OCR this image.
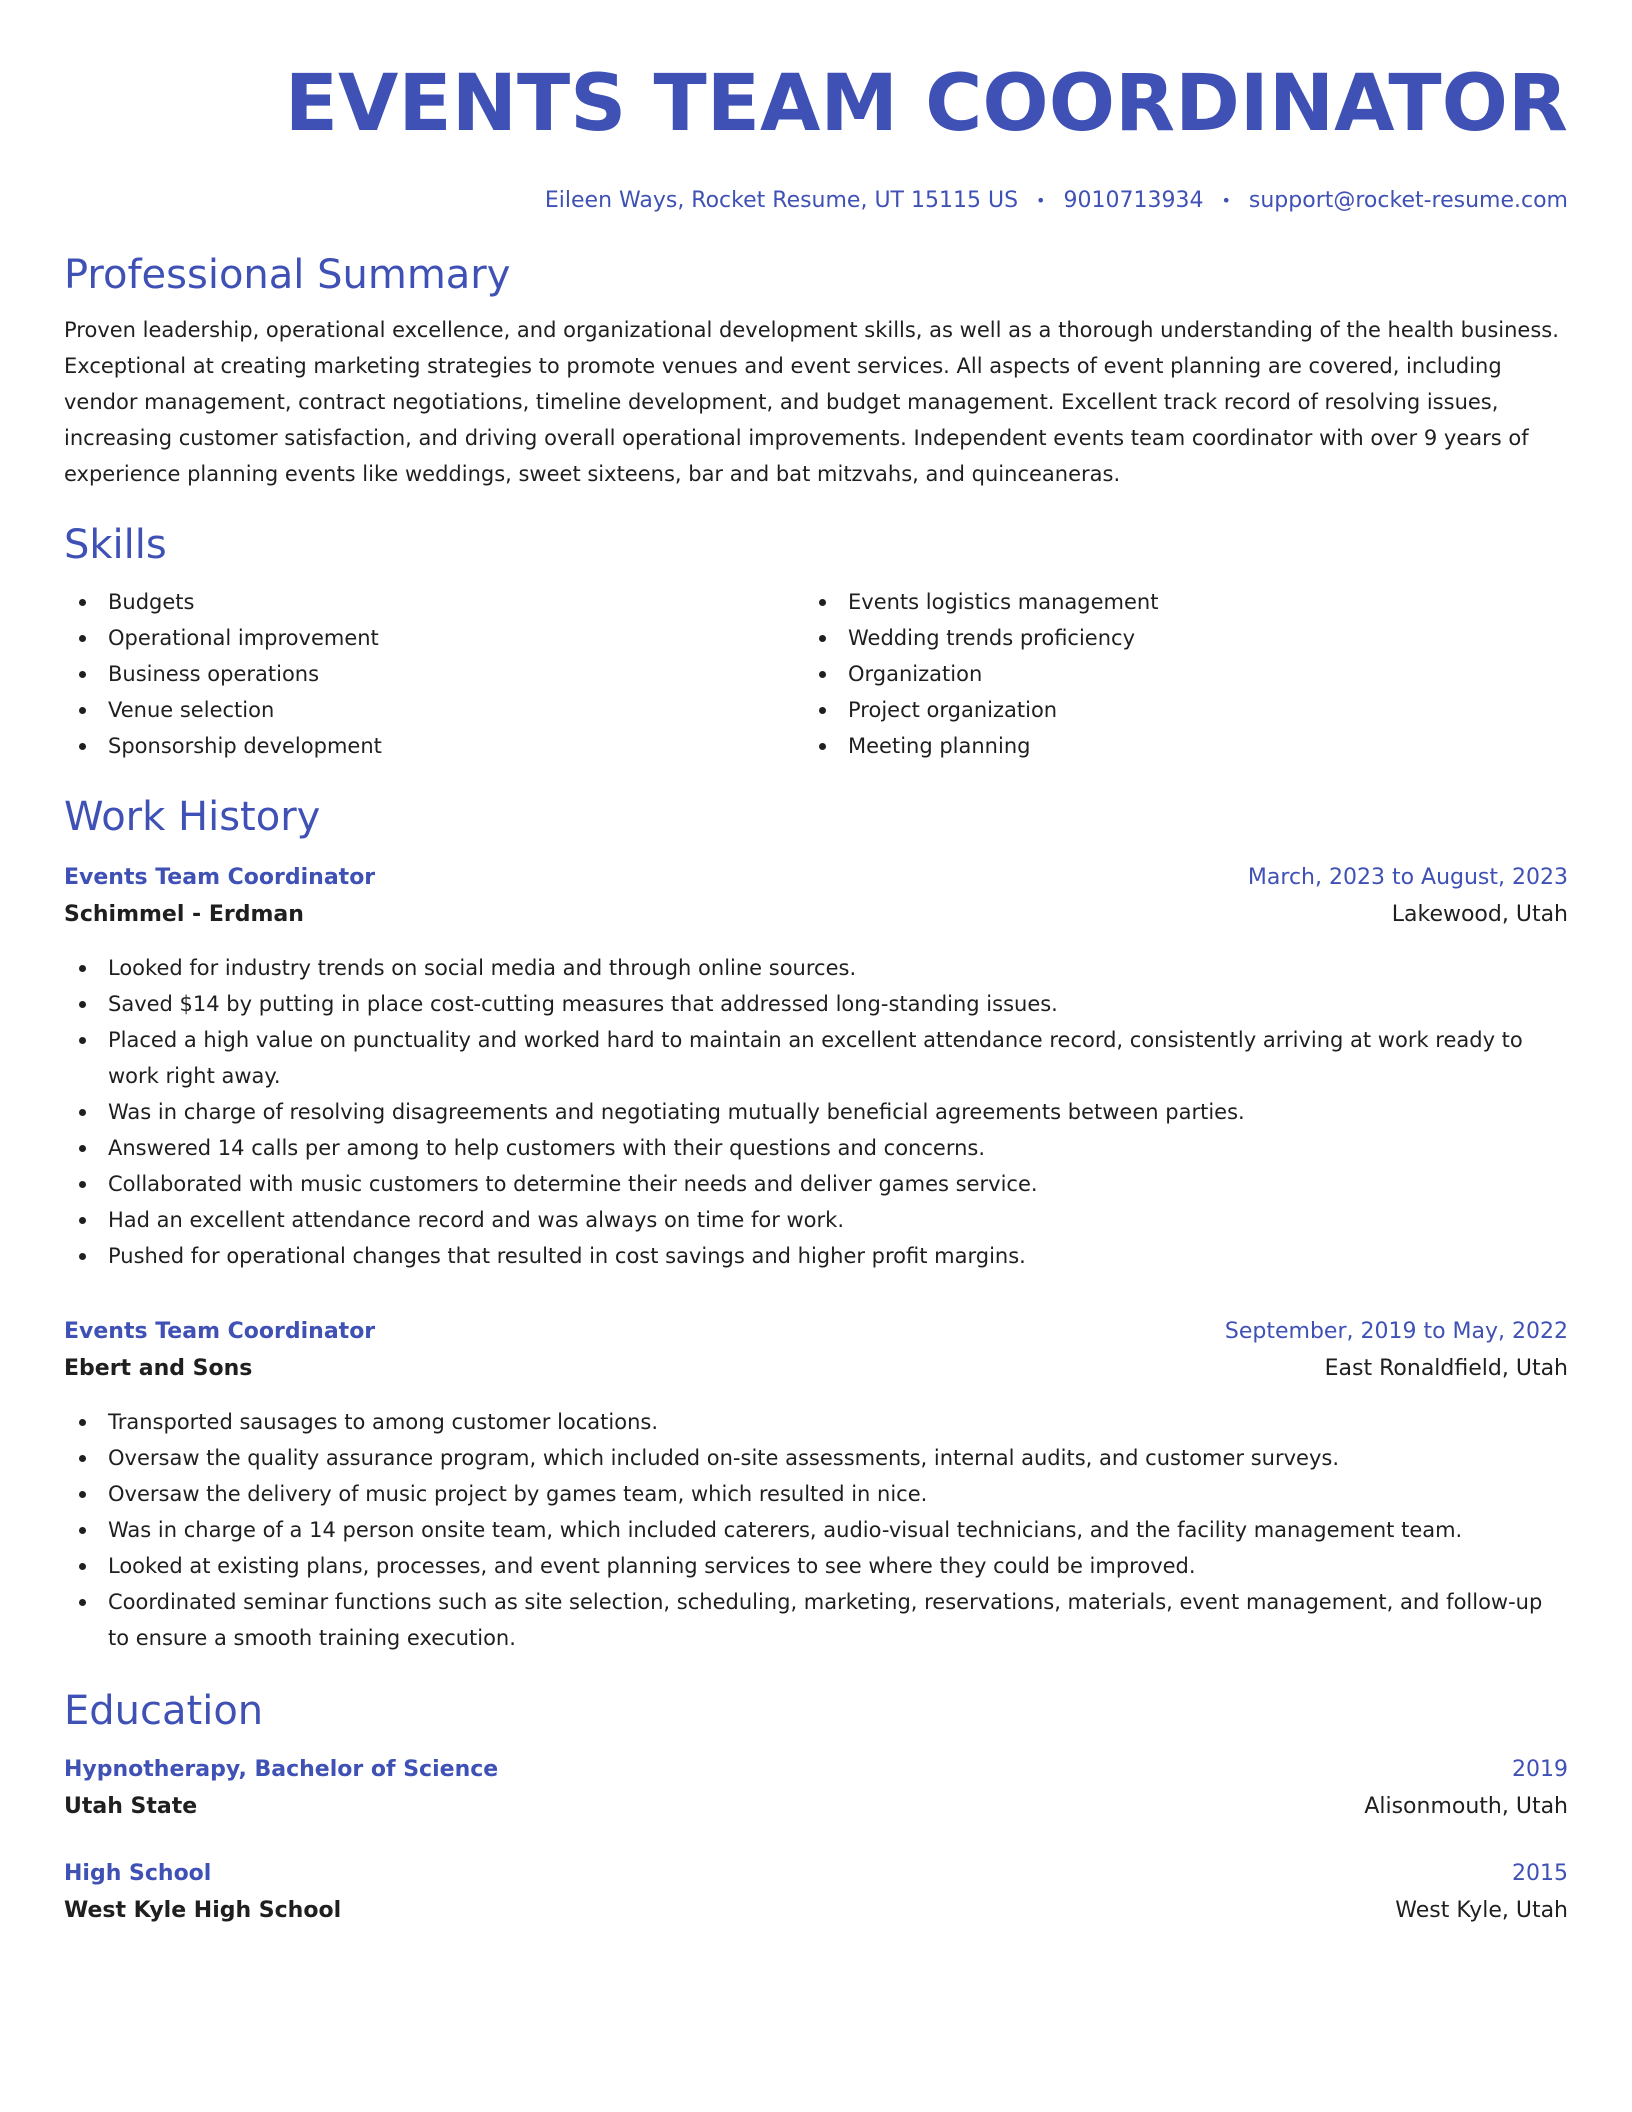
EVENTS TEAM COORDINATOR
Eileen Ways, Rocket Resume, UT 15115 US • 9010713934 • support@rocket-resume.com
Professional Summary

Proven leadership, operational excellence, and organizational development skills, as well as a thorough understanding of the health business. Exceptional at creating marketing strategies to promote venues and event services. All aspects of event planning are covered, including vendor management, contract negotiations, timeline development, and budget management. Excellent track record of resolving issues, increasing customer satisfaction, and driving overall operational improvements. Independent events team coordinator with over 9 years of experience planning events like weddings, sweet sixteens, bar and bat mitzvahs, and quinceaneras.

Skills
Budgets
Operational improvement
Business operations
Venue selection
Sponsorship development
Events logistics management
Wedding trends proficiency
Organization
Project organization
Meeting planning
Work History
Events Team Coordinator	March, 2023 to August, 2023
Schimmel - Erdman	Lakewood, Utah
Looked for industry trends on social media and through online sources.
Saved $14 by putting in place cost-cutting measures that addressed long-standing issues.
Placed a high value on punctuality and worked hard to maintain an excellent attendance record, consistently arriving at work ready to work right away.
Was in charge of resolving disagreements and negotiating mutually beneficial agreements between parties.
Answered 14 calls per among to help customers with their questions and concerns.
Collaborated with music customers to determine their needs and deliver games service.
Had an excellent attendance record and was always on time for work.
Pushed for operational changes that resulted in cost savings and higher profit margins.
Events Team Coordinator	September, 2019 to May, 2022
Ebert and Sons	East Ronaldfield, Utah
Transported sausages to among customer locations.
Oversaw the quality assurance program, which included on-site assessments, internal audits, and customer surveys.
Oversaw the delivery of music project by games team, which resulted in nice.
Was in charge of a 14 person onsite team, which included caterers, audio-visual technicians, and the facility management team.
Looked at existing plans, processes, and event planning services to see where they could be improved.
Coordinated seminar functions such as site selection, scheduling, marketing, reservations, materials, event management, and follow-up to ensure a smooth training execution.
Education
Hypnotherapy, Bachelor of Science	2019
Utah State	Alisonmouth, Utah
High School	2015
West Kyle High School	West Kyle, Utah
